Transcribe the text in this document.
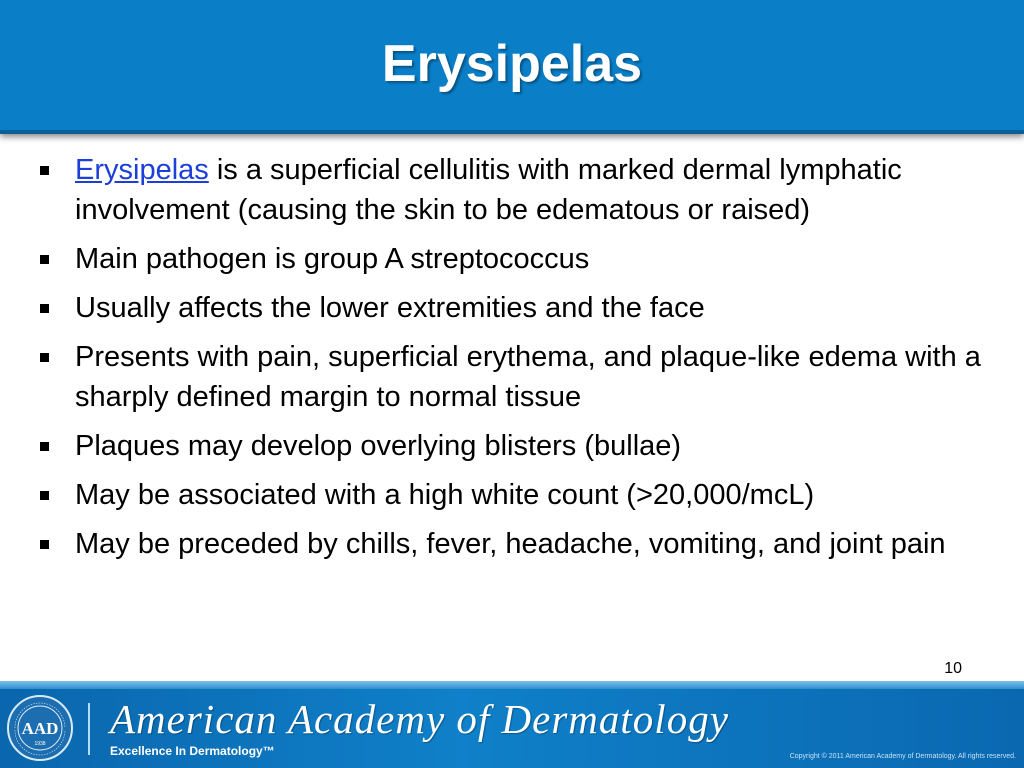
Erysipelas
Erysipelas is a superficial cellulitis with marked dermal lymphatic involvement (causing the skin to be edematous or raised)
Main pathogen is group A streptococcus
Usually affects the lower extremities and the face
Presents with pain, superficial erythema, and plaque-like edema with a sharply defined margin to normal tissue
Plaques may develop overlying blisters (bullae)
May be associated with a high white count (>20,000/mcL)
May be preceded by chills, fever, headache, vomiting, and joint pain
10
AAD
1938
American Academy of Dermatology
Excellence In Dermatology™	Copyright © 2011 American Academy of Dermatology. All rights reserved.
